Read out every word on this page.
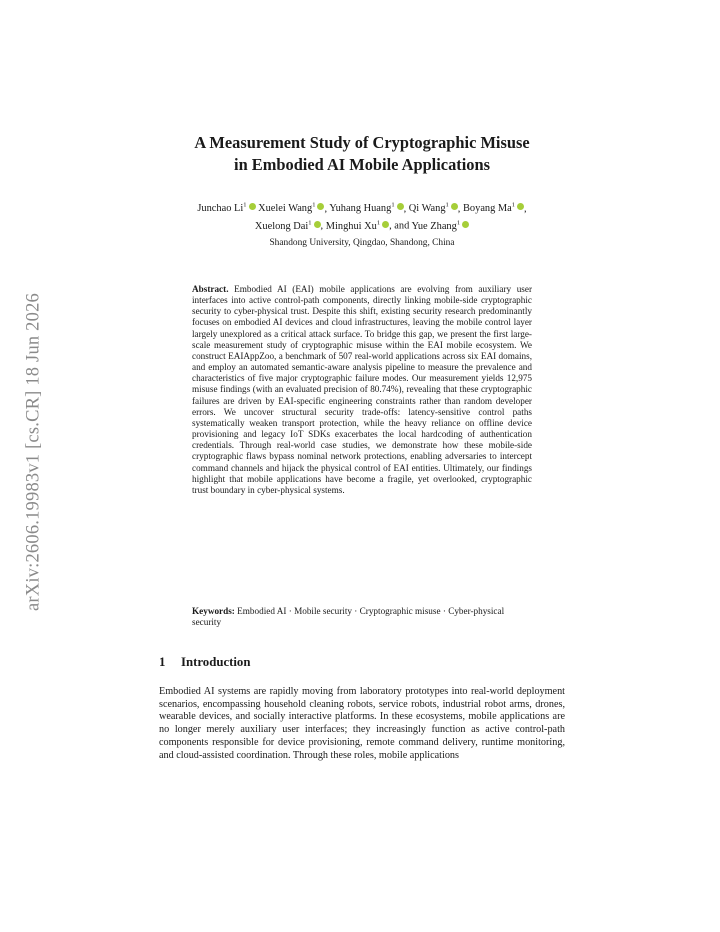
arXiv:2606.19983v1 [cs.CR] 18 Jun 2026
A Measurement Study of Cryptographic Misuse
in Embodied AI Mobile Applications
Junchao Li$^1$ Xuelei Wang$^1$ , Yuhang Huang$^1$ , Qi Wang$^1$ , Boyang Ma$^1$ ,
Xuelong Dai$^1$ , Minghui Xu$^1$ , and Yue Zhang$^1$
Shandong University, Qingdao, Shandong, China
Abstract. Embodied AI (EAI) mobile applications are evolving from auxiliary user interfaces into active control-path components, directly linking mobile-side cryptographic security to cyber-physical trust. Despite this shift, existing security research predominantly focuses on embodied AI devices and cloud infrastructures, leaving the mobile control layer largely unexplored as a critical attack surface. To bridge this gap, we present the first large-scale measurement study of cryptographic misuse within the EAI mobile ecosystem. We construct EAIAppZoo, a benchmark of 507 real-world applications across six EAI domains, and employ an automated semantic-aware analysis pipeline to measure the prevalence and characteristics of five major cryptographic failure modes. Our measurement yields 12,975 misuse findings (with an evaluated precision of 80.74%), revealing that these cryptographic failures are driven by EAI-specific engineering constraints rather than random developer errors. We uncover structural security trade-offs: latency-sensitive control paths systematically weaken transport protection, while the heavy reliance on offline device provisioning and legacy IoT SDKs exacerbates the local hardcoding of authentication credentials. Through real-world case studies, we demonstrate how these mobile-side cryptographic flaws bypass nominal network protections, enabling adversaries to intercept command channels and hijack the physical control of EAI entities. Ultimately, our findings highlight that mobile applications have become a fragile, yet overlooked, cryptographic trust boundary in cyber-physical systems.
Keywords: Embodied AI · Mobile security · Cryptographic misuse · Cyber-physical security
1 Introduction

Embodied AI systems are rapidly moving from laboratory prototypes into real-world deployment scenarios, encompassing household cleaning robots, service robots, industrial robot arms, drones, wearable devices, and socially interactive platforms. In these ecosystems, mobile applications are no longer merely auxiliary user interfaces; they increasingly function as active control-path components responsible for device provisioning, remote command delivery, runtime monitoring, and cloud-assisted coordination. Through these roles, mobile applications
